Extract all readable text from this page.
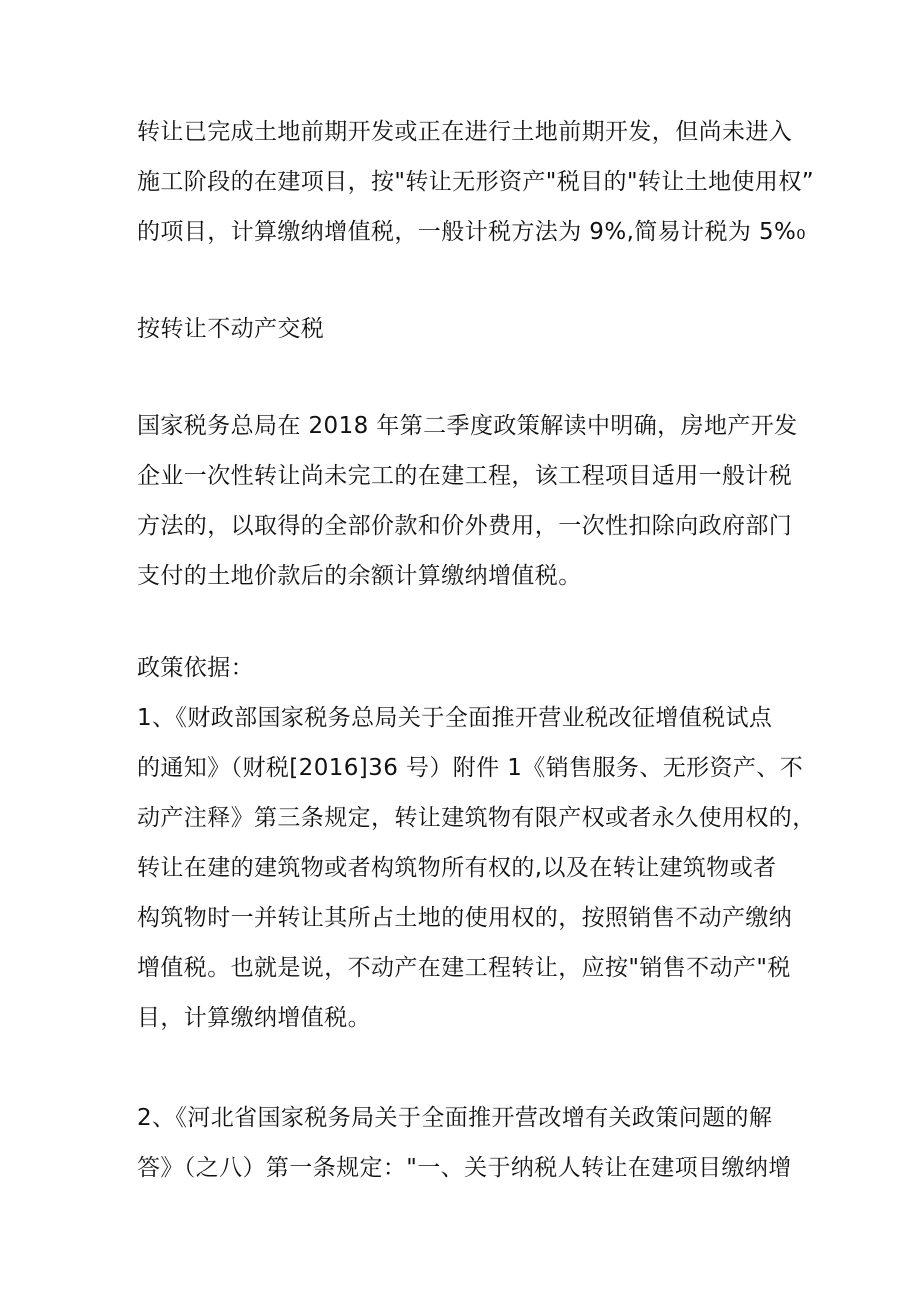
转让已完成土地前期开发或正在进行土地前期开发，但尚未进入
施工阶段的在建项目，按"转让无形资产"税目的"转让土地使用权”
的项目，计算缴纳增值税，一般计税方法为 9%,简易计税为 5%₀
按转让不动产交税
国家税务总局在 2018 年第二季度政策解读中明确，房地产开发
企业一次性转让尚未完工的在建工程，该工程项目适用一般计税
方法的，以取得的全部价款和价外费用，一次性扣除向政府部门
支付的土地价款后的余额计算缴纳增值税。
政策依据：
1、《财政部国家税务总局关于全面推开营业税改征增值税试点
的通知》（财税[2016]36 号）附件 1《销售服务、无形资产、不
动产注释》第三条规定，转让建筑物有限产权或者永久使用权的，
转让在建的建筑物或者构筑物所有权的,以及在转让建筑物或者
构筑物时一并转让其所占土地的使用权的，按照销售不动产缴纳
增值税。也就是说，不动产在建工程转让，应按"销售不动产"税
目，计算缴纳增值税。
2、《河北省国家税务局关于全面推开营改增有关政策问题的解
答》（之八）第一条规定："一、关于纳税人转让在建项目缴纳增
